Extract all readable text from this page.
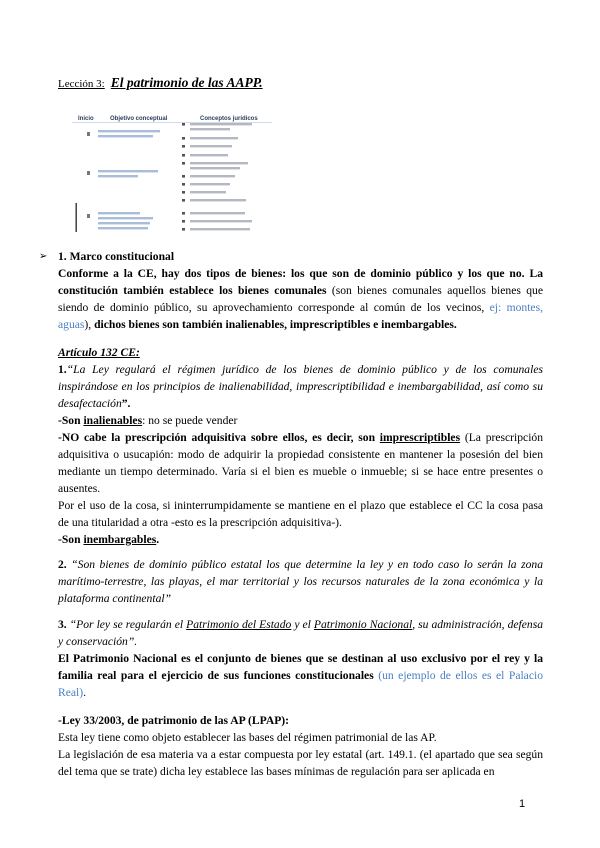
Lección 3: El patrimonio de las AAPP.
Inicio	Objetivo conceptual	Conceptos jurídicos
➢ 1. Marco constitucional

Conforme a la CE, hay dos tipos de bienes: los que son de dominio público y los que no. La constitución también establece los bienes comunales (son bienes comunales aquellos bienes que siendo de dominio público, su aprovechamiento corresponde al común de los vecinos, ej: montes, aguas), dichos bienes son también inalienables, imprescriptibles e inembargables.

Artículo 132 CE:

1.“La Ley regulará el régimen jurídico de los bienes de dominio público y de los comunales inspirándose en los principios de inalienabilidad, imprescriptibilidad e inembargabilidad, así como su desafectación”.

-Son inalienables: no se puede vender

-NO cabe la prescripción adquisitiva sobre ellos, es decir, son imprescriptibles (La prescripción adquisitiva o usucapión: modo de adquirir la propiedad consistente en mantener la posesión del bien mediante un tiempo determinado. Varía si el bien es mueble o inmueble; si se hace entre presentes o ausentes.

Por el uso de la cosa, si ininterrumpidamente se mantiene en el plazo que establece el CC la cosa pasa de una titularidad a otra -esto es la prescripción adquisitiva-).

-Son inembargables.

2. “Son bienes de dominio público estatal los que determine la ley y en todo caso lo serán la zona marítimo-terrestre, las playas, el mar territorial y los recursos naturales de la zona económica y la plataforma continental”

3. “Por ley se regularán el Patrimonio del Estado y el Patrimonio Nacional, su administración, defensa y conservación”.

El Patrimonio Nacional es el conjunto de bienes que se destinan al uso exclusivo por el rey y la familia real para el ejercicio de sus funciones constitucionales (un ejemplo de ellos es el Palacio Real).

-Ley 33/2003, de patrimonio de las AP (LPAP):

Esta ley tiene como objeto establecer las bases del régimen patrimonial de las AP.

La legislación de esa materia va a estar compuesta por ley estatal (art. 149.1. (el apartado que sea según del tema que se trate) dicha ley establece las bases mínimas de regulación para ser aplicada en

1
